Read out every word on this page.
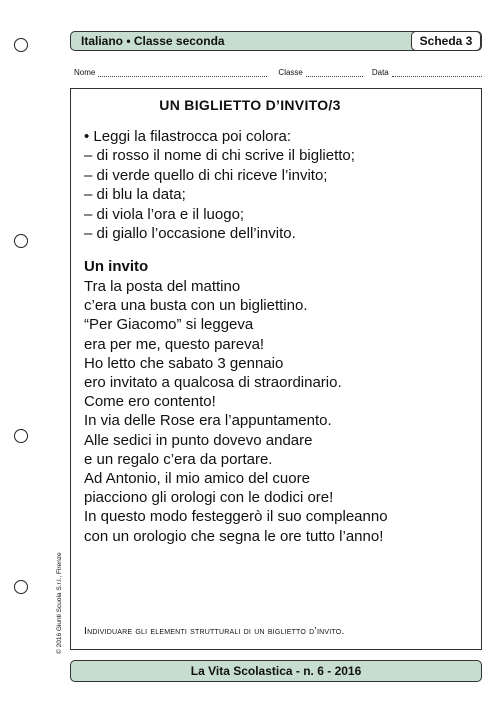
Italiano • Classe seconda	Scheda 3
Nome	Classe	Data
UN BIGLIETTO D’INVITO/3
• Leggi la filastrocca poi colora:
– di rosso il nome di chi scrive il biglietto;
– di verde quello di chi riceve l’invito;
– di blu la data;
– di viola l’ora e il luogo;
– di giallo l’occasione dell’invito.
Un invito
Tra la posta del mattino
c’era una busta con un bigliettino.
“Per Giacomo” si leggeva
era per me, questo pareva!
Ho letto che sabato 3 gennaio
ero invitato a qualcosa di straordinario.
Come ero contento!
In via delle Rose era l’appuntamento.
Alle sedici in punto dovevo andare
e un regalo c’era da portare.
Ad Antonio, il mio amico del cuore
piacciono gli orologi con le dodici ore!
In questo modo festeggerò il suo compleanno
con un orologio che segna le ore tutto l’anno!
Individuare gli elementi strutturali di un biglietto d’invito.
© 2016 Giunti Scuola S.r.l., Firenze
La Vita Scolastica - n. 6 - 2016
